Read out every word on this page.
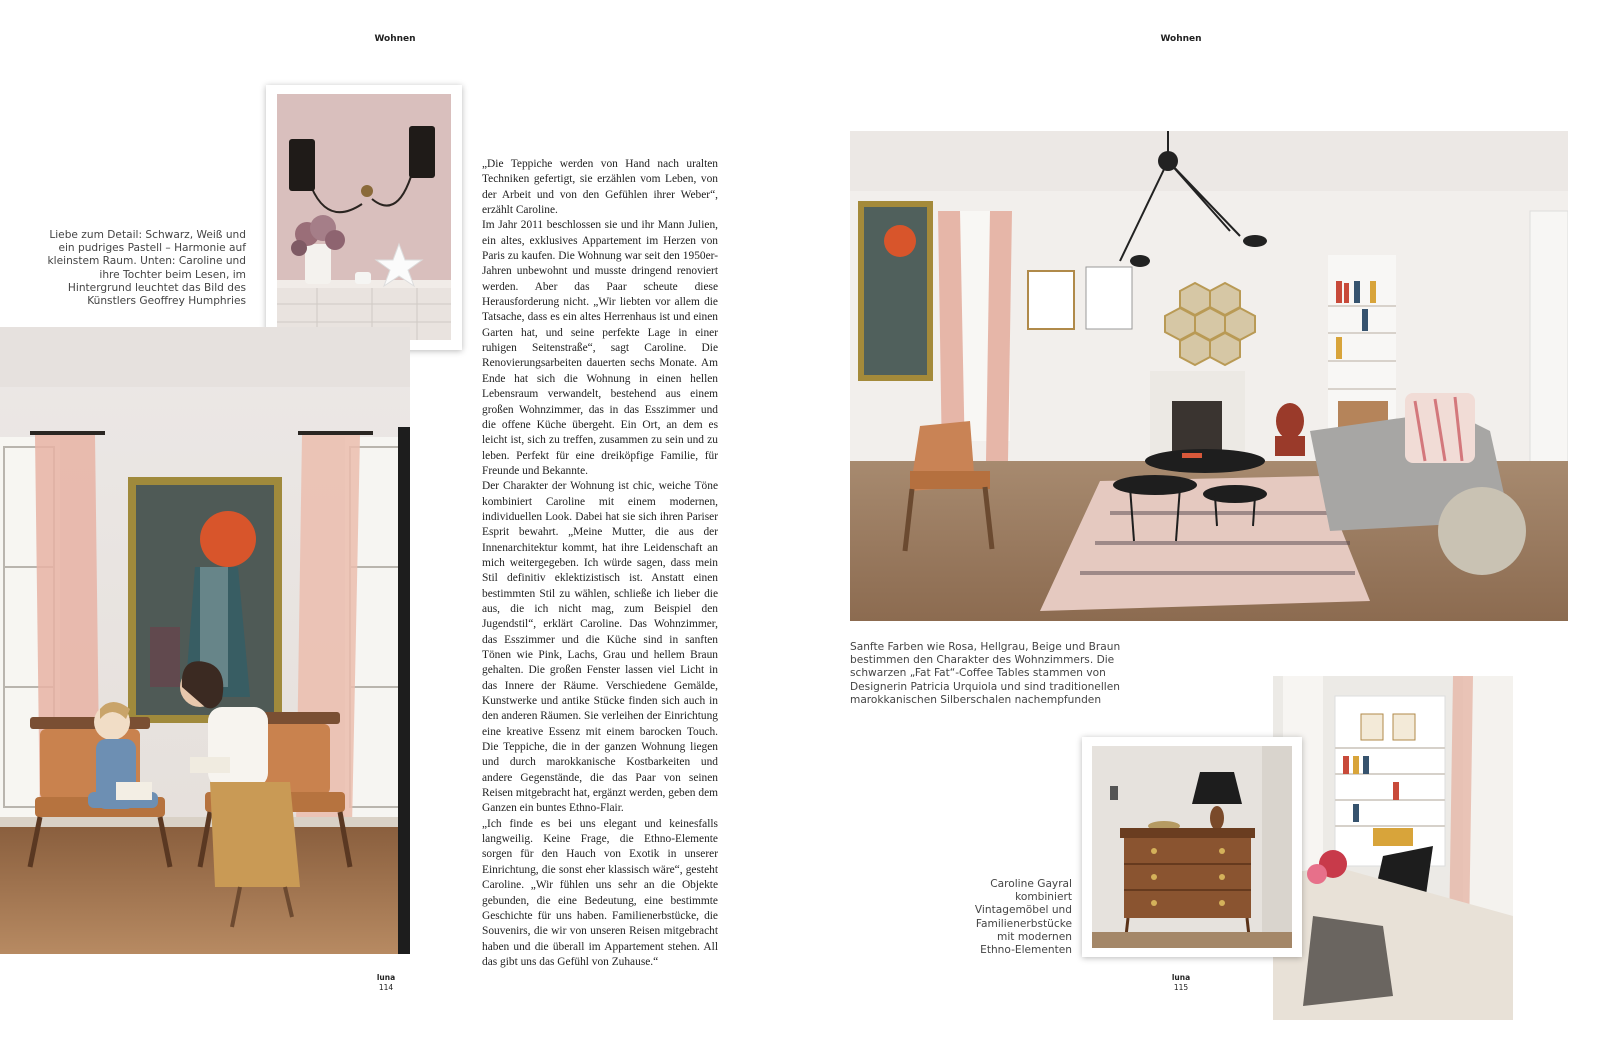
Wohnen
Liebe zum Detail: Schwarz, Weiß und ein pudriges Pastell – Harmonie auf kleinstem Raum. Unten: Caroline und ihre Tochter beim Lesen, im Hintergrund leuchtet das Bild des Künstlers Geoffrey Humphries

„Die Teppiche werden von Hand nach uralten Techniken gefertigt, sie erzählen vom Leben, von der Arbeit und von den Gefühlen ihrer Weber“, erzählt Caroline.

Im Jahr 2011 beschlossen sie und ihr Mann Julien, ein altes, exklusives Appartement im Herzen von Paris zu kaufen. Die Wohnung war seit den 1950er-Jahren unbewohnt und musste dringend renoviert werden. Aber das Paar scheute diese Herausforderung nicht. „Wir liebten vor allem die Tatsache, dass es ein altes Herrenhaus ist und einen Garten hat, und seine perfekte Lage in einer ruhigen Seitenstraße“, sagt Caroline. Die Renovierungsarbeiten dauerten sechs Monate. Am Ende hat sich die Wohnung in einen hellen Lebensraum verwandelt, bestehend aus einem großen Wohnzimmer, das in das Esszimmer und die offene Küche übergeht. Ein Ort, an dem es leicht ist, sich zu treffen, zusammen zu sein und zu leben. Perfekt für eine dreiköpfige Familie, für Freunde und Bekannte.

Der Charakter der Wohnung ist chic, weiche Töne kombiniert Caroline mit einem modernen, individuellen Look. Dabei hat sie sich ihren Pariser Esprit bewahrt. „Meine Mutter, die aus der Innenarchitektur kommt, hat ihre Leidenschaft an mich weitergegeben. Ich würde sagen, dass mein Stil definitiv eklektizistisch ist. Anstatt einen bestimmten Stil zu wählen, schließe ich lieber die aus, die ich nicht mag, zum Beispiel den Jugendstil“, erklärt Caroline. Das Wohnzimmer, das Esszimmer und die Küche sind in sanften Tönen wie Pink, Lachs, Grau und hellem Braun gehalten. Die großen Fenster lassen viel Licht in das Innere der Räume. Verschiedene Gemälde, Kunstwerke und antike Stücke finden sich auch in den anderen Räumen. Sie verleihen der Einrichtung eine kreative Essenz mit einem barocken Touch. Die Teppiche, die in der ganzen Wohnung liegen und durch marokkanische Kostbarkeiten und andere Gegenstände, die das Paar von seinen Reisen mitgebracht hat, ergänzt werden, geben dem Ganzen ein buntes Ethno-Flair.

„Ich finde es bei uns elegant und keinesfalls langweilig. Keine Frage, die Ethno-Elemente sorgen für den Hauch von Exotik in unserer Einrichtung, die sonst eher klassisch wäre“, gesteht Caroline. „Wir fühlen uns sehr an die Objekte gebunden, die eine Bedeutung, eine bestimmte Geschichte für uns haben. Familienerbstücke, die Souvenirs, die wir von unseren Reisen mitgebracht haben und die überall im Appartement stehen. All das gibt uns das Gefühl von Zuhause.“

luna
114
Wohnen
Sanfte Farben wie Rosa, Hellgrau, Beige und Braun bestimmen den Charakter des Wohnzimmers. Die schwarzen „Fat Fat“-Coffee Tables stammen von Designerin Patricia Urquiola und sind traditionellen marokkanischen Silberschalen nachempfunden
Caroline Gayral kombiniert Vintagemöbel und Familienerbstücke mit modernen Ethno-Elementen
luna
115
